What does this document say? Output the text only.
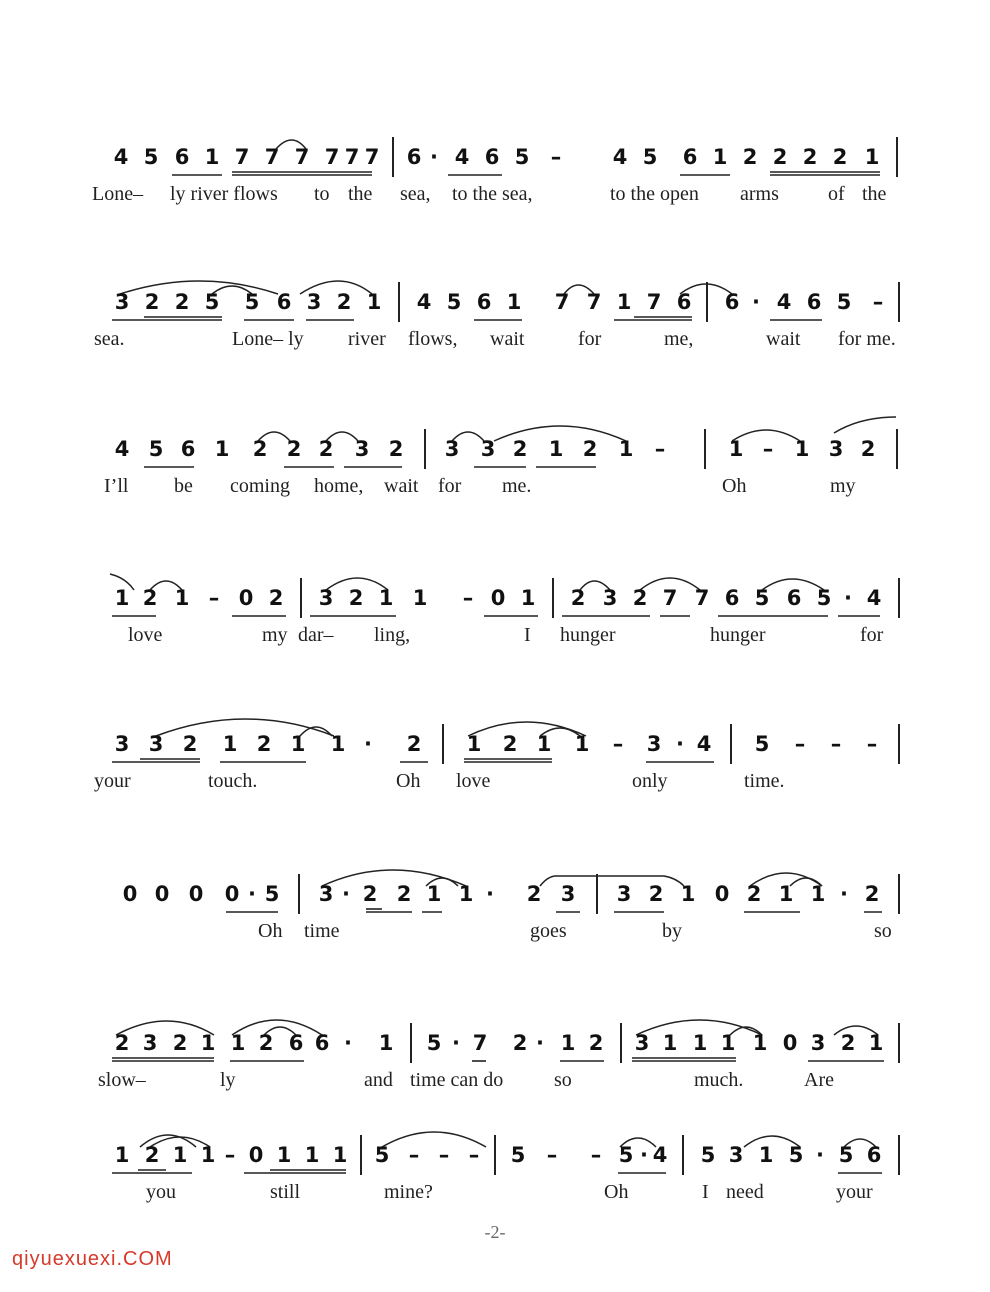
4 5 6 1 7 7 7 7 7 7 6 · 4 6 5 – 4 5 6 1 2 2 2 2 1
Lone– ly river flows to the sea, to the sea,	to the open arms of the
3 2 2 5 5 6 3 2 1 4 5 6 1 7 7 1 7 6 6 · 4 6 5 –
sea.	Lone– ly river flows, wait	for	me,	wait for me.
4 5 6 1 2 2 2 3 2 3 3 2 1 2 1 –	1 – 1 3 2
I’ll be coming home, wait for me.	Oh	my
1 2 1 – 0 2 3 2 1 1 – 0 1 2 3 2 7 7 6 5 6 5 · 4
love	my dar– ling,	I hunger	hunger	for
3 3 2 1 2 1 1 · 2 1 2 1 1 – 3 · 4 5 – – –
your	touch.	Oh love	only	time.
0 0 0 0 · 5 3 · 2 2 1 1 · 2 3 3 2 1 0 2 1 1 · 2
Oh time	goes	by	so
2 3 2 1 1 2 6 6 · 1 5 · 7 2 · 1 2 3 1 1 1 1 0 3 2 1
slow–	ly	and time can do	so	much.	Are
1 2 1 1 – 0 1 1 1 5 – – – 5 – – 5 · 4 5 3 1 5 · 5 6
you	still	mine?	Oh	I need	your
-2-
qiyuexuexi.COM
